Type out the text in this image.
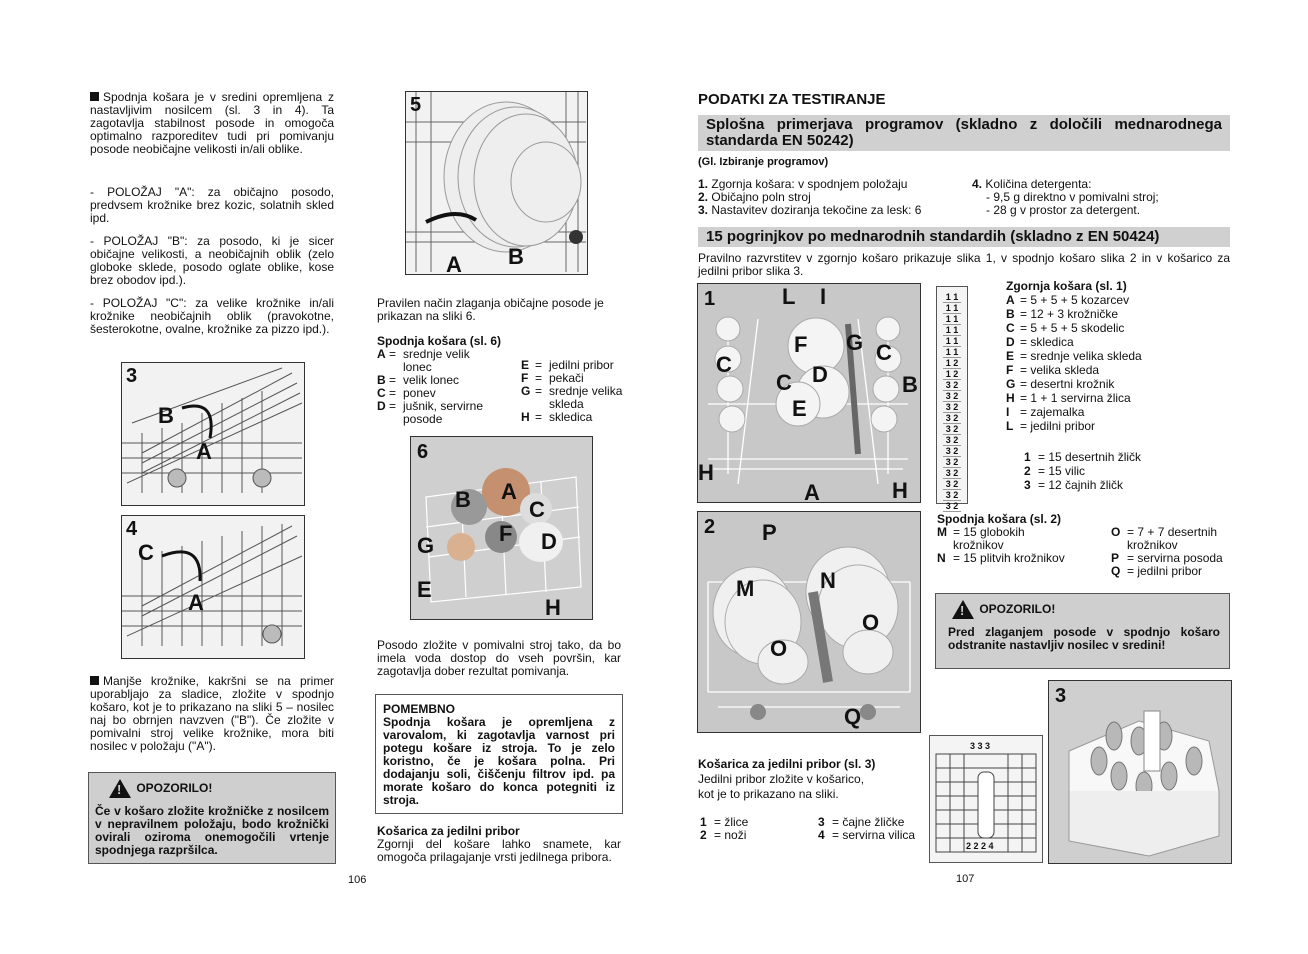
Spodnja košara je v sredini opremljena z nastavljivim nosilcem (sl. 3 in 4). Ta zagotavlja stabilnost posode in omogoča optimalno razporeditev tudi pri pomivanju posode neobičajne velikosti in/ali oblike.
- POLOŽAJ "A": za običajno posodo, predvsem krožnike brez kozic, solatnih skled ipd.
- POLOŽAJ "B": za posodo, ki je sicer običajne velikosti, a neobičajnih oblik (zelo globoke sklede, posodo oglate oblike, kose brez obodov ipd.).
- POLOŽAJ "C": za velike krožnike in/ali krožnike neobičajnih oblik (pravokotne, šesterokotne, ovalne, krožnike za pizzo ipd.).
3
B
A
4
C
A
Manjše krožnike, kakršni se na primer uporabljajo za sladice, zložite v spodnjo košaro, kot je to prikazano na sliki 5 – nosilec naj bo obrnjen navzven ("B"). Če zložite v pomivalni stroj velike krožnike, mora biti nosilec v položaju ("A").
! OPOZORILO!
Če v košaro zložite krožničke z nosilcem v nepravilnem položaju, bodo krožnički ovirali oziroma onemogočili vrtenje spodnjega razpršilca.
106
5
A B
Pravilen način zlaganja običajne posode je prikazan na sliki 6.
Spodnja košara (sl. 6)
A = srednje velik lonec
B = velik lonec
C = ponev
D = jušnik, servirne posode
E = jedilni pribor
F = pekači
G = srednje velika skleda
H = skledica
6
B A
C
G	F D
E
H
Posodo zložite v pomivalni stroj tako, da bo imela voda dostop do vseh površin, kar zagotavlja dober rezultat pomivanja.
POMEMBNO
Spodnja košara je opremljena z varovalom, ki zagotavlja varnost pri potegu košare iz stroja. To je zelo koristno, če je košara polna. Pri dodajanju soli, čiščenju filtrov ipd. pa morate košaro do konca potegniti iz stroja.
Košarica za jedilni pribor
Zgornji del košare lahko snamete, kar omogoča prilagajanje vrsti jedilnega pribora.
PODATKI ZA TESTIRANJE
Splošna primerjava programov (skladno z določili mednarodnega standarda EN 50242)
(Gl. Izbiranje programov)
1. Zgornja košara: v spodnjem položaju
2. Običajno poln stroj
3. Nastavitev doziranja tekočine za lesk: 6
4. Količina detergenta:
- 9,5 g direktno v pomivalni stroj;
- 28 g v prostor za detergent.
15 pogrinjkov po mednarodnih standardih (skladno z EN 50424)
Pravilno razvrstitev v zgornjo košaro prikazuje slika 1, v spodnjo košaro slika 2 in v košarico za jedilni pribor slika 3.
1	L I
F G C
C
C D	B
E
H
A	H
1 1
1 1
1 1
1 1
1 1
1 1
1 2
1 2
3 2
3 2
3 2
3 2
3 2
3 2
3 2
3 2
3 2
3 2
3 2
3 2
Zgornja košara (sl. 1)
A = 5 + 5 + 5 kozarcev
B = 12 + 3 krožničke
C = 5 + 5 + 5 skodelic
D = skledica
E = srednje velika skleda
F = velika skleda
G = desertni krožnik
H = 1 + 1 servirna žlica
I = zajemalka
L = jedilni pribor
1 = 15 desertnih žličk
2 = 15 vilic
3 = 12 čajnih žličk
2 P
M	N
O
O
Q
Spodnja košara (sl. 2)
M = 15 globokih krožnikov
N = 15 plitvih krožnikov
O = 7 + 7 desertnih krožnikov
P = servirna posoda
Q = jedilni pribor
! OPOZORILO!
Pred zlaganjem posode v spodnjo košaro odstranite nastavljiv nosilec v sredini!
Košarica za jedilni pribor (sl. 3)
Jedilni pribor zložite v košarico, kot je to prikazano na sliki.
1 = žlice	3 = čajne žličke
2 = noži	4 = servirna vilica
3 3 3
2 2 2 4
3
107
